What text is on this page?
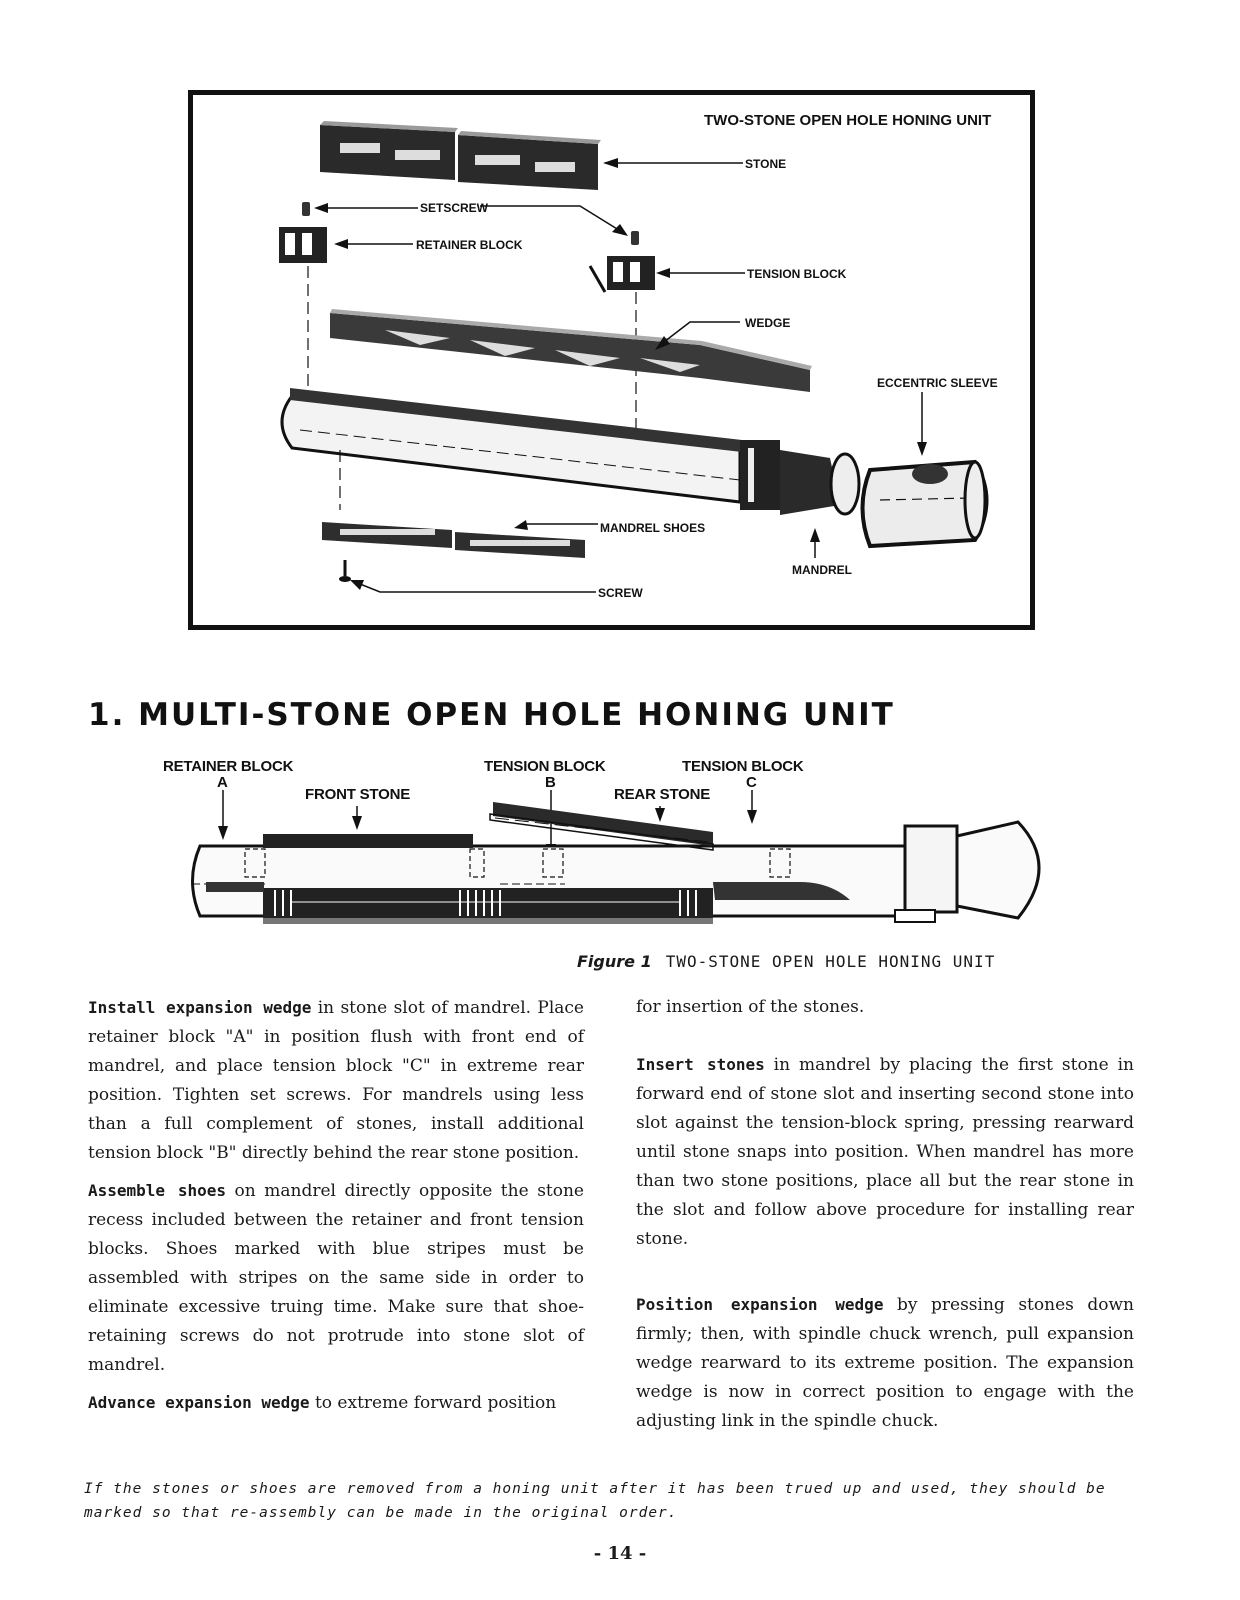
TWO-STONE OPEN HOLE HONING UNIT
STONE
SETSCREW
RETAINER BLOCK
TENSION BLOCK
WEDGE
ECCENTRIC SLEEVE
MANDREL SHOES
MANDREL
SCREW
1. MULTI-STONE OPEN HOLE HONING UNIT
RETAINER BLOCK
A
FRONT STONE
TENSION BLOCK
B
REAR STONE
TENSION BLOCK
C
Figure 1 TWO-STONE OPEN HOLE HONING UNIT

Install expansion wedge in stone slot of mandrel. Place retainer block "A" in position flush with front end of mandrel, and place tension block "C" in extreme rear position. Tighten set screws. For mandrels using less than a full complement of stones, install additional tension block "B" directly behind the rear stone position.

Assemble shoes on mandrel directly opposite the stone recess included between the retainer and front tension blocks. Shoes marked with blue stripes must be assembled with stripes on the same side in order to eliminate excessive truing time. Make sure that shoe-retaining screws do not protrude into stone slot of mandrel.

Advance expansion wedge to extreme forward position

for insertion of the stones.

Insert stones in mandrel by placing the first stone in forward end of stone slot and inserting second stone into slot against the tension-block spring, pressing rearward until stone snaps into position. When mandrel has more than two stone positions, place all but the rear stone in the slot and follow above procedure for installing rear stone.

Position expansion wedge by pressing stones down firmly; then, with spindle chuck wrench, pull expansion wedge rearward to its extreme position. The expansion wedge is now in correct position to engage with the adjusting link in the spindle chuck.

If the stones or shoes are removed from a honing unit after it has been trued up and used, they should be marked so that re-assembly can be made in the original order.
- 14 -
